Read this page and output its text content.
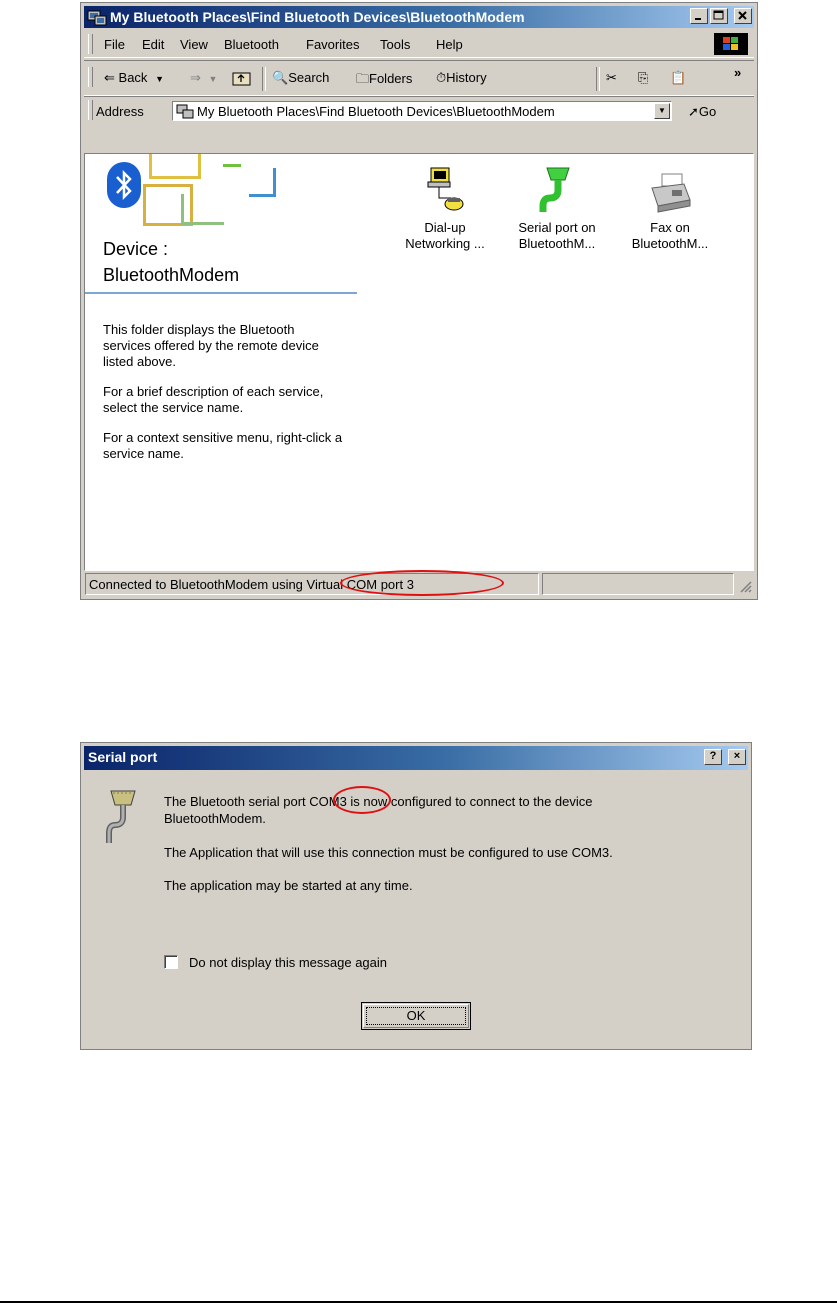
My Bluetooth Places\Find Bluetooth Devices\BluetoothModem
File Edit View Bluetooth Favorites Tools Help
⇐ Back ▼ ⇒ ▼	🔍Search 🗀Folders ⏱History	✂ ⎘ 📋	»
Address	My Bluetooth Places\Find Bluetooth Devices\BluetoothModem	▼	➚Go
Device :
BluetoothModem

This folder displays the Bluetooth services offered by the remote device listed above.

For a brief description of each service, select the service name.

For a context sensitive menu, right-click a service name.

Dial-up
Networking ...
Serial port on
BluetoothM...
Fax on
BluetoothM...
Connected to BluetoothModem using Virtual COM port 3
Serial port	?	×
The Bluetooth serial port COM3 is now configured to connect to the device
BluetoothModem.
The Application that will use this connection must be configured to use COM3.
The application may be started at any time.
Do not display this message again
OK
